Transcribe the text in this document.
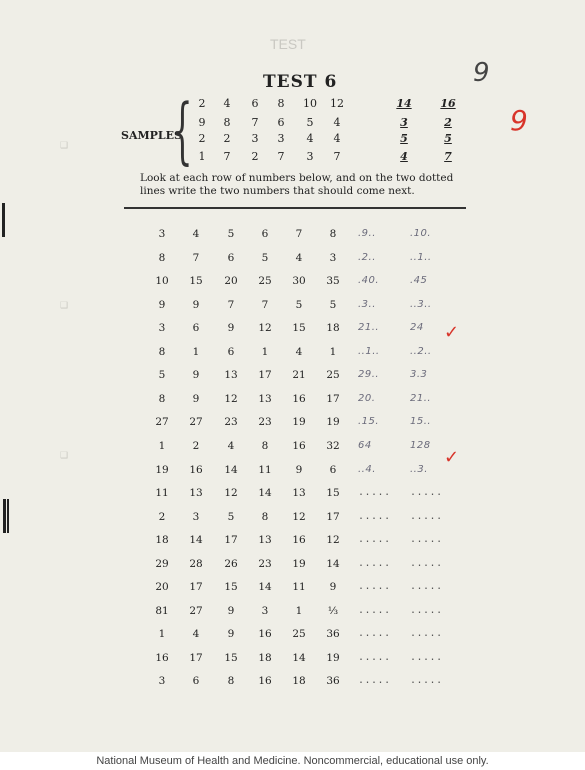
TEST
❑
❑
❑
TEST 6	9
9
SAMPLES
{ 2	4	6	8	10 12	14	16
9	8	7	6	5	4	3	2
2	2	3	3	4	4	5	5
1	7	2	7	3	7	4	7
Look at each row of numbers below, and on the two dotted lines write the two numbers that should come next.
3	4	5	6	7	8	.9..	.10.
8	7	6	5	4	3	.2..	..1..
10	15	20	25	30	35	.40.	.45
9	9	7	7	5	5	.3..	..3..
3	6	9	12	15	18	21..	24
8	1	6	1	4	1	..1..	..2..
5	9	13	17	21	25	29..	3.3
8	9	12	13	16	17	20.	21..
27	27	23	23	19	19	.15.	15..
1	2	4	8	16	32	64	128
19	16	14	11	9	6	..4.	..3.
11	13	12	14	13	15	..... .....
2	3	5	8	12	17	..... .....
18	14	17	13	16	12	..... .....
29	28	26	23	19	14	..... .....
20	17	15	14	11	9	..... .....
81	27	9	3	1	⅓	..... .....
1	4	9	16	25	36	..... .....
16	17	15	18	14	19	..... .....
3	6	8	16	18	36	..... .....
✓
✓
National Museum of Health and Medicine. Noncommercial, educational use only.
